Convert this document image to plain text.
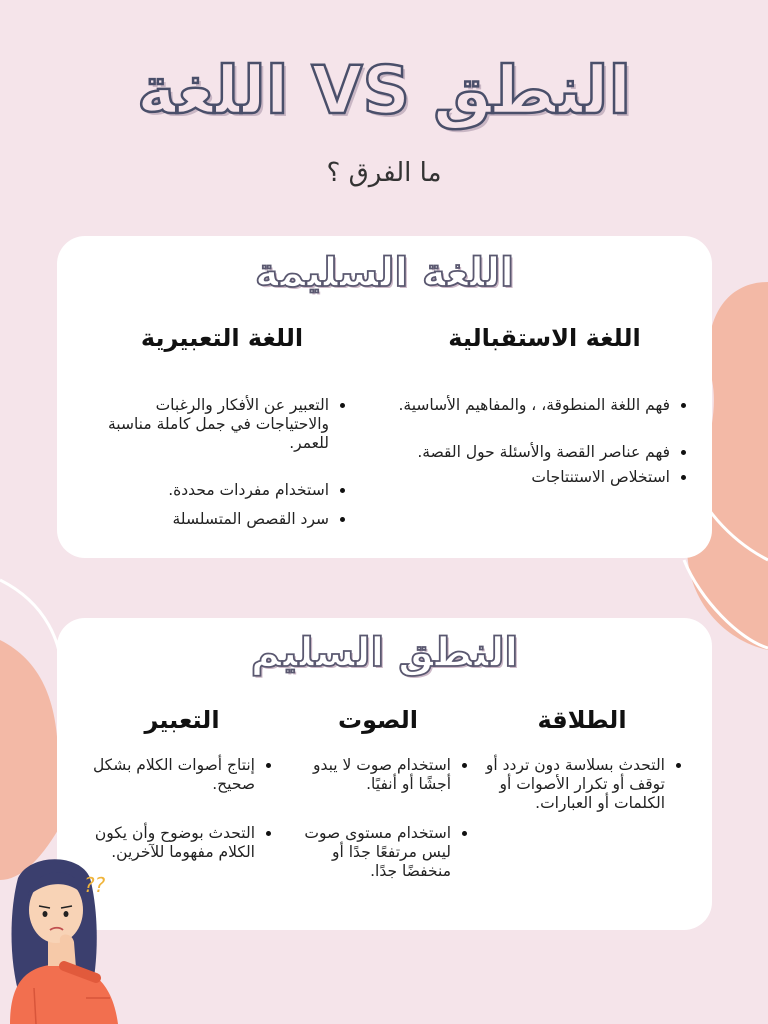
النطق VS اللغة

ما الفرق ؟

اللغة السليمة
اللغة الاستقبالية
• فهم اللغة المنطوقة، ، والمفاهيم الأساسية.
• فهم عناصر القصة والأسئلة حول القصة.
• استخلاص الاستنتاجات
اللغة التعبيرية
• التعبير عن الأفكار والرغبات والاحتياجات في جمل كاملة مناسبة للعمر.
• استخدام مفردات محددة.
• سرد القصص المتسلسلة
النطق السليم
الطلاقة
• التحدث بسلاسة دون تردد أو توقف أو تكرار الأصوات أو الكلمات أو العبارات.
الصوت
• استخدام صوت لا يبدو أجشًا أو أنفيًا.
• استخدام مستوى صوت ليس مرتفعًا جدًا أو منخفضًا جدًا.
التعبير
• إنتاج أصوات الكلام بشكل صحيح.
• التحدث بوضوح وأن يكون الكلام مفهوما للآخرين.
??
